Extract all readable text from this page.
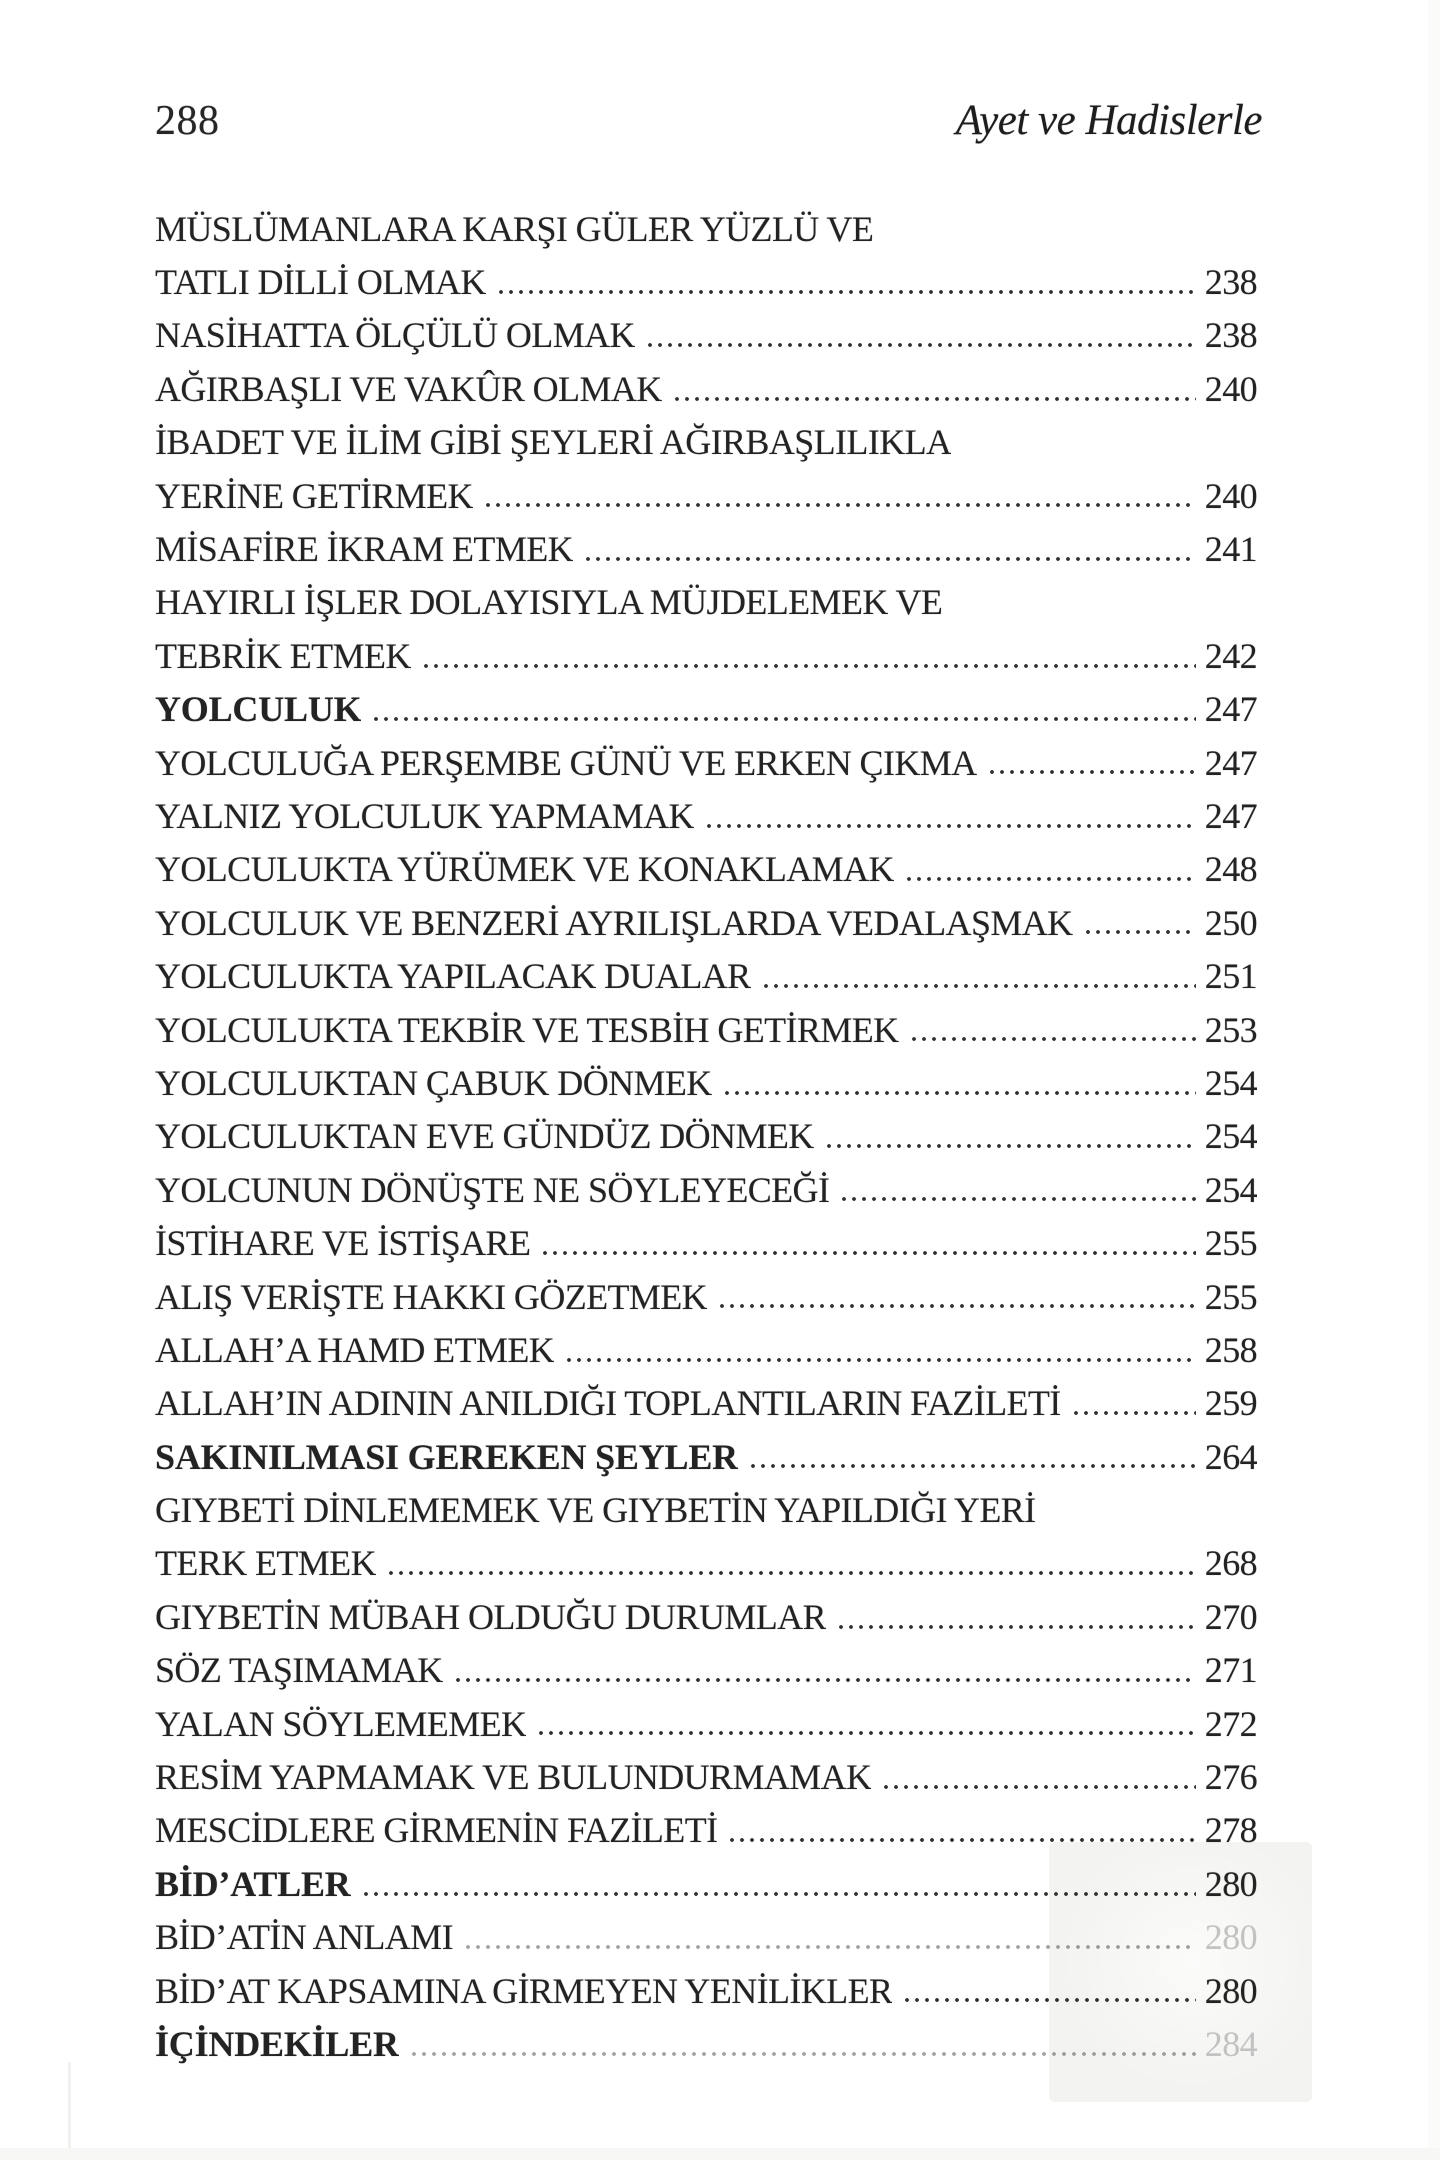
288	Ayet ve Hadislerle
MÜSLÜMANLARA KARŞI GÜLER YÜZLÜ VE
TATLI DİLLİ OLMAK	238
NASİHATTA ÖLÇÜLÜ OLMAK	238
AĞIRBAŞLI VE VAKÛR OLMAK	240
İBADET VE İLİM GİBİ ŞEYLERİ AĞIRBAŞLILIKLA
YERİNE GETİRMEK	240
MİSAFİRE İKRAM ETMEK	241
HAYIRLI İŞLER DOLAYISIYLA MÜJDELEMEK VE
TEBRİK ETMEK	242
YOLCULUK	247
YOLCULUĞA PERŞEMBE GÜNÜ VE ERKEN ÇIKMA	247
YALNIZ YOLCULUK YAPMAMAK	247
YOLCULUKTA YÜRÜMEK VE KONAKLAMAK	248
YOLCULUK VE BENZERİ AYRILIŞLARDA VEDALAŞMAK	250
YOLCULUKTA YAPILACAK DUALAR	251
YOLCULUKTA TEKBİR VE TESBİH GETİRMEK	253
YOLCULUKTAN ÇABUK DÖNMEK	254
YOLCULUKTAN EVE GÜNDÜZ DÖNMEK	254
YOLCUNUN DÖNÜŞTE NE SÖYLEYECEĞİ	254
İSTİHARE VE İSTİŞARE	255
ALIŞ VERİŞTE HAKKI GÖZETMEK	255
ALLAH’A HAMD ETMEK	258
ALLAH’IN ADININ ANILDIĞI TOPLANTILARIN FAZİLETİ	259
SAKINILMASI GEREKEN ŞEYLER	264
GIYBETİ DİNLEMEMEK VE GIYBETİN YAPILDIĞI YERİ
TERK ETMEK	268
GIYBETİN MÜBAH OLDUĞU DURUMLAR	270
SÖZ TAŞIMAMAK	271
YALAN SÖYLEMEMEK	272
RESİM YAPMAMAK VE BULUNDURMAMAK	276
MESCİDLERE GİRMENİN FAZİLETİ	278
BİD’ATLER	280
BİD’ATİN ANLAMI	280
BİD’AT KAPSAMINA GİRMEYEN YENİLİKLER	280
İÇİNDEKİLER	284
